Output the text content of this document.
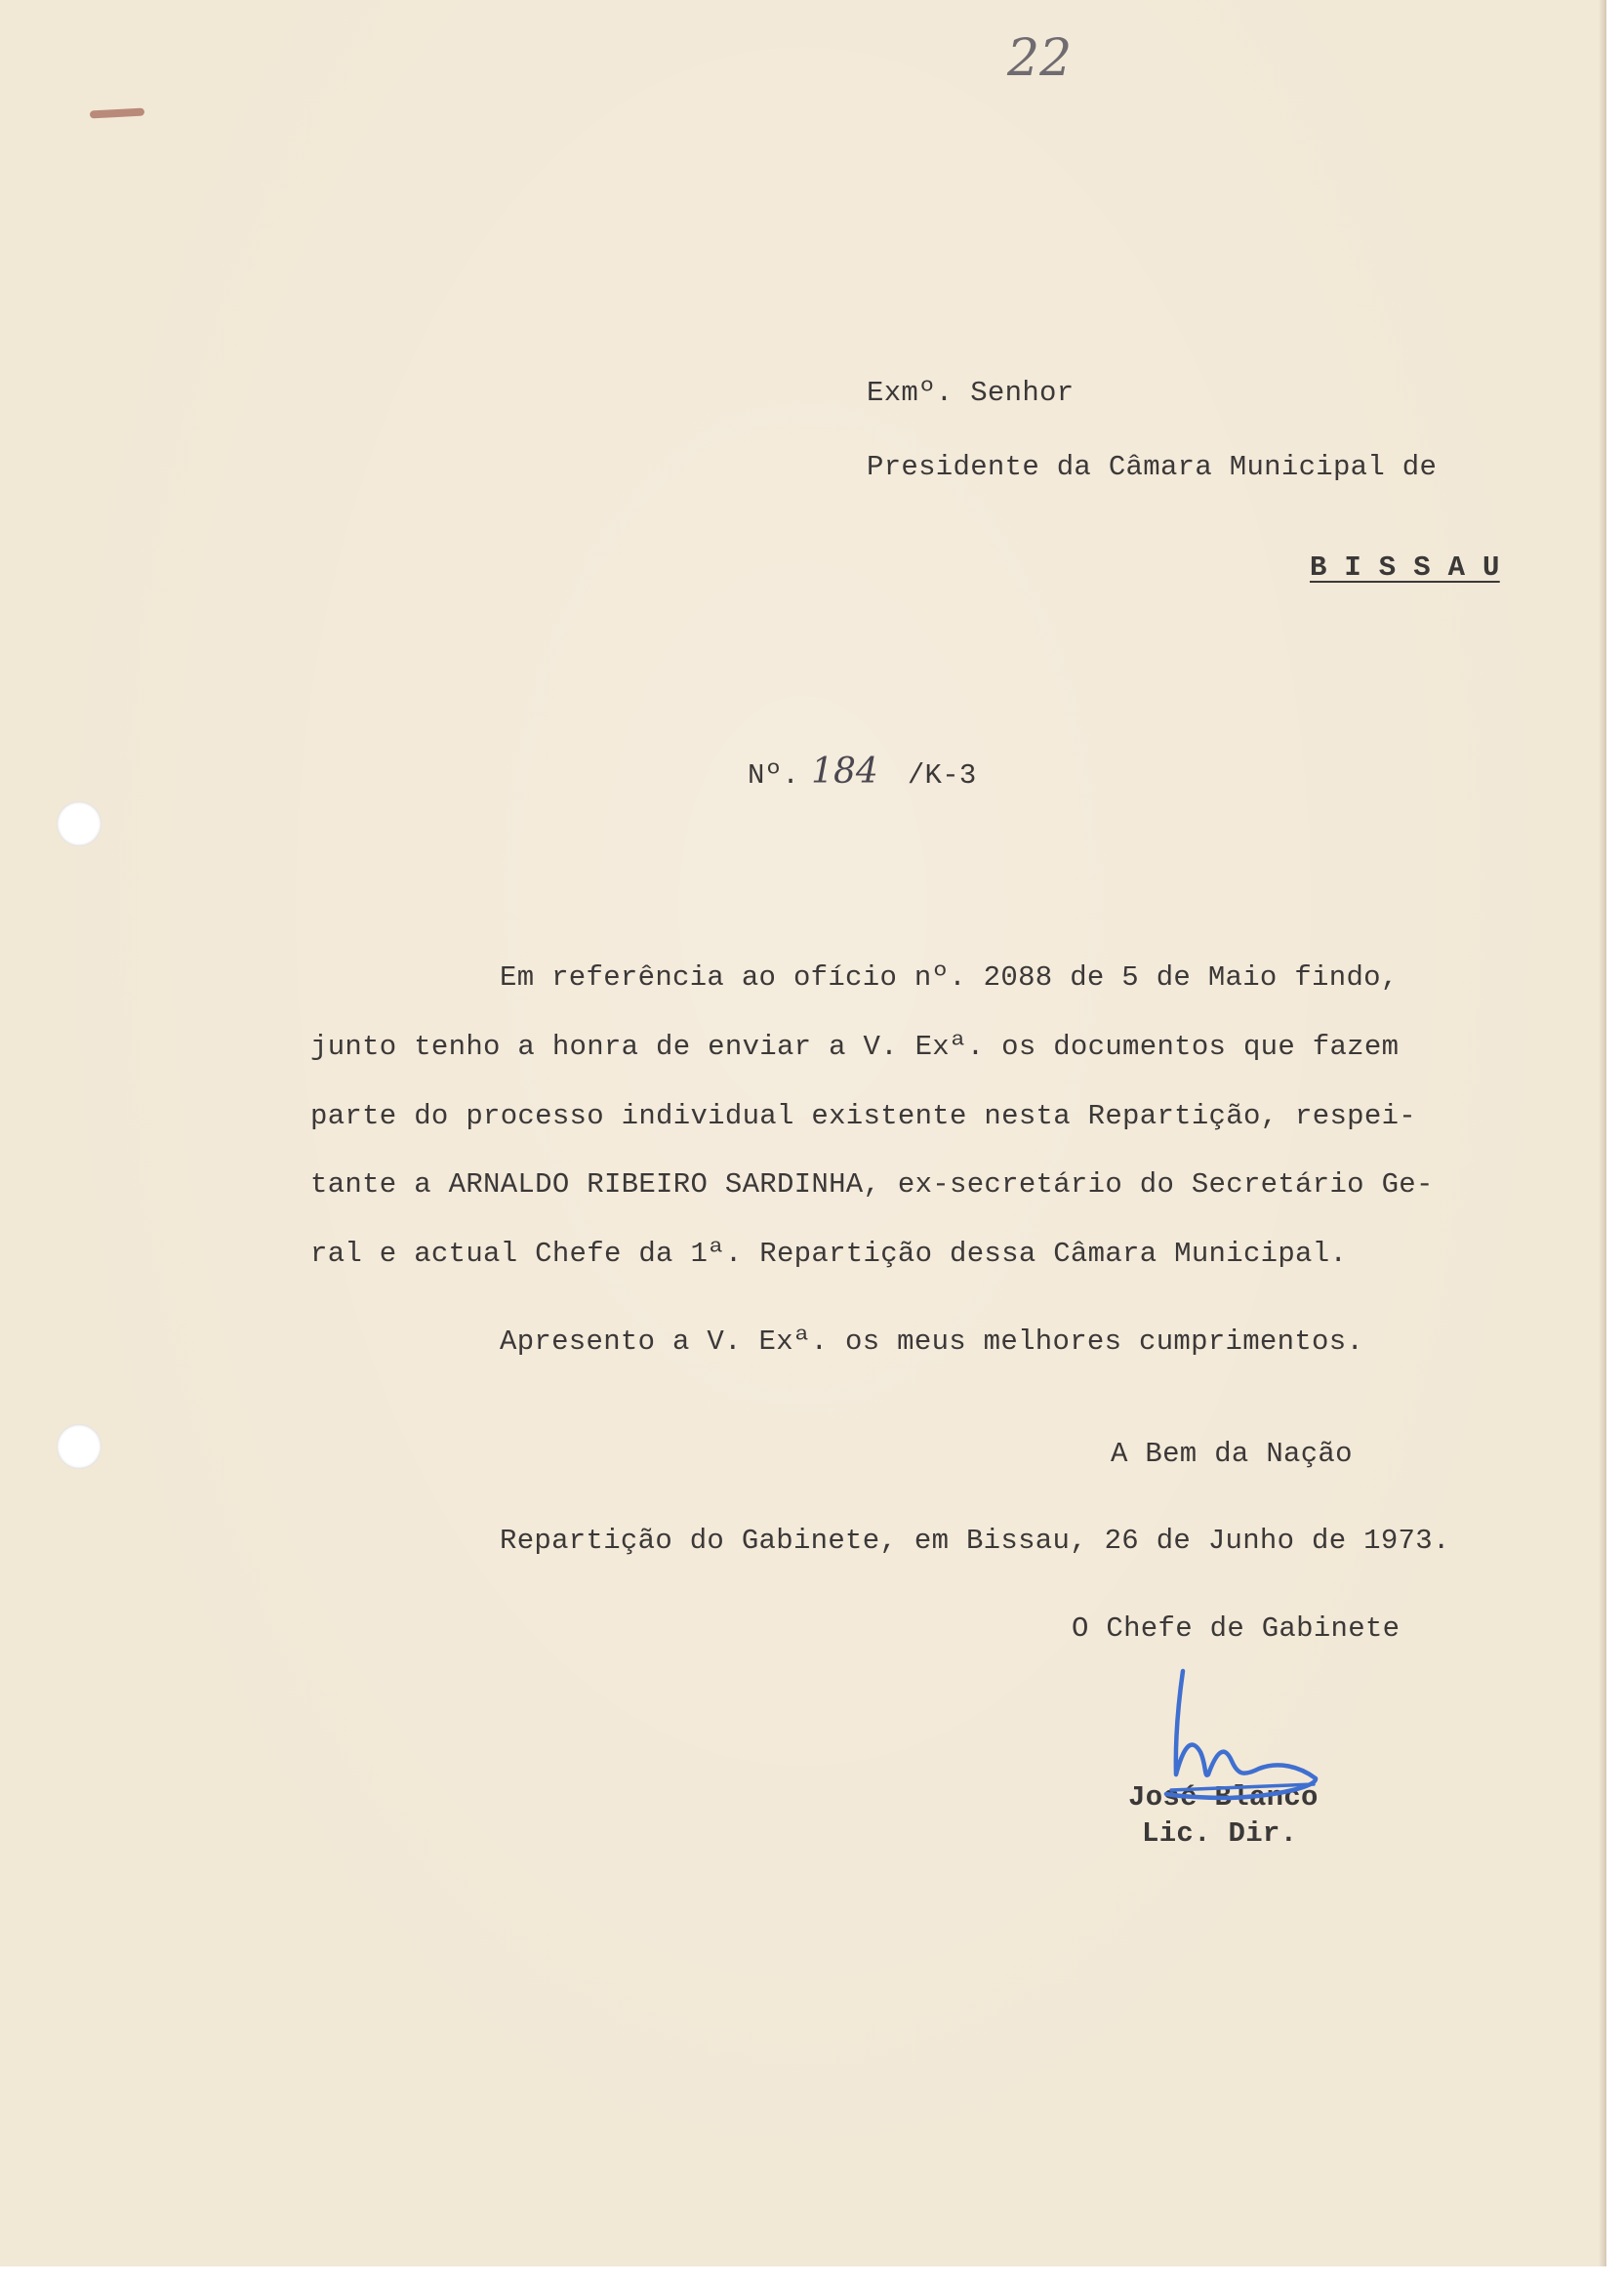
22
Exmº. Senhor
Presidente da Câmara Municipal de
B I S S A U
Nº. 184 /K-3
Em referência ao ofício nº. 2088 de 5 de Maio findo,
junto tenho a honra de enviar a V. Exª. os documentos que fazem
parte do processo individual existente nesta Repartição, respei-
tante a ARNALDO RIBEIRO SARDINHA, ex-secretário do Secretário Ge-
ral e actual Chefe da 1ª. Repartição dessa Câmara Municipal.
Apresento a V. Exª. os meus melhores cumprimentos.
A Bem da Nação
Repartição do Gabinete, em Bissau, 26 de Junho de 1973.
O Chefe de Gabinete
José Blanco
Lic. Dir.
